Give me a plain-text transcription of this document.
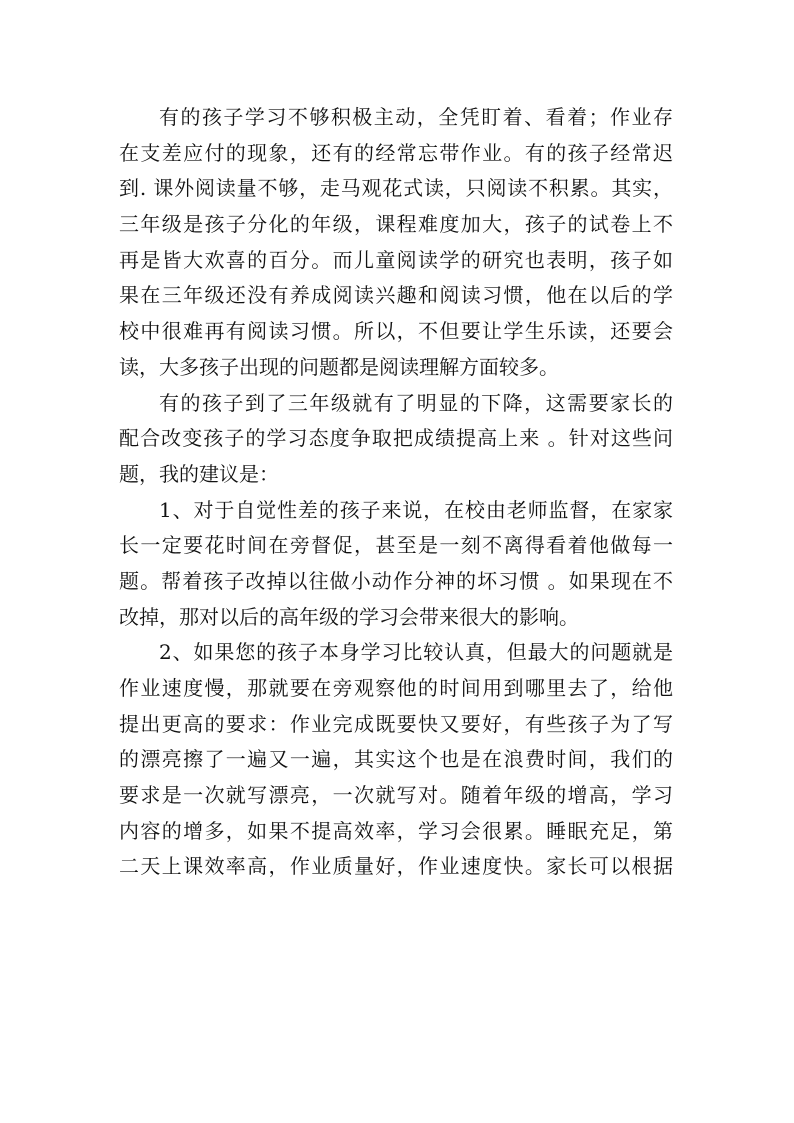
有的孩子学习不够积极主动，全凭盯着、看着；作业存
在支差应付的现象，还有的经常忘带作业。有的孩子经常迟
到. 课外阅读量不够，走马观花式读，只阅读不积累。其实，
三年级是孩子分化的年级，课程难度加大，孩子的试卷上不
再是皆大欢喜的百分。而儿童阅读学的研究也表明，孩子如
果在三年级还没有养成阅读兴趣和阅读习惯，他在以后的学
校中很难再有阅读习惯。所以，不但要让学生乐读，还要会
读，大多孩子出现的问题都是阅读理解方面较多。
有的孩子到了三年级就有了明显的下降，这需要家长的
配合改变孩子的学习态度争取把成绩提高上来 。针对这些问
题，我的建议是：
1、对于自觉性差的孩子来说，在校由老师监督，在家家
长一定要花时间在旁督促，甚至是一刻不离得看着他做每一
题。帮着孩子改掉以往做小动作分神的坏习惯 。如果现在不
改掉，那对以后的高年级的学习会带来很大的影响。
2、如果您的孩子本身学习比较认真，但最大的问题就是
作业速度慢，那就要在旁观察他的时间用到哪里去了，给他
提出更高的要求：作业完成既要快又要好，有些孩子为了写
的漂亮擦了一遍又一遍，其实这个也是在浪费时间，我们的
要求是一次就写漂亮，一次就写对。随着年级的增高，学习
内容的增多，如果不提高效率，学习会很累。睡眠充足，第
二天上课效率高，作业质量好，作业速度快。家长可以根据
